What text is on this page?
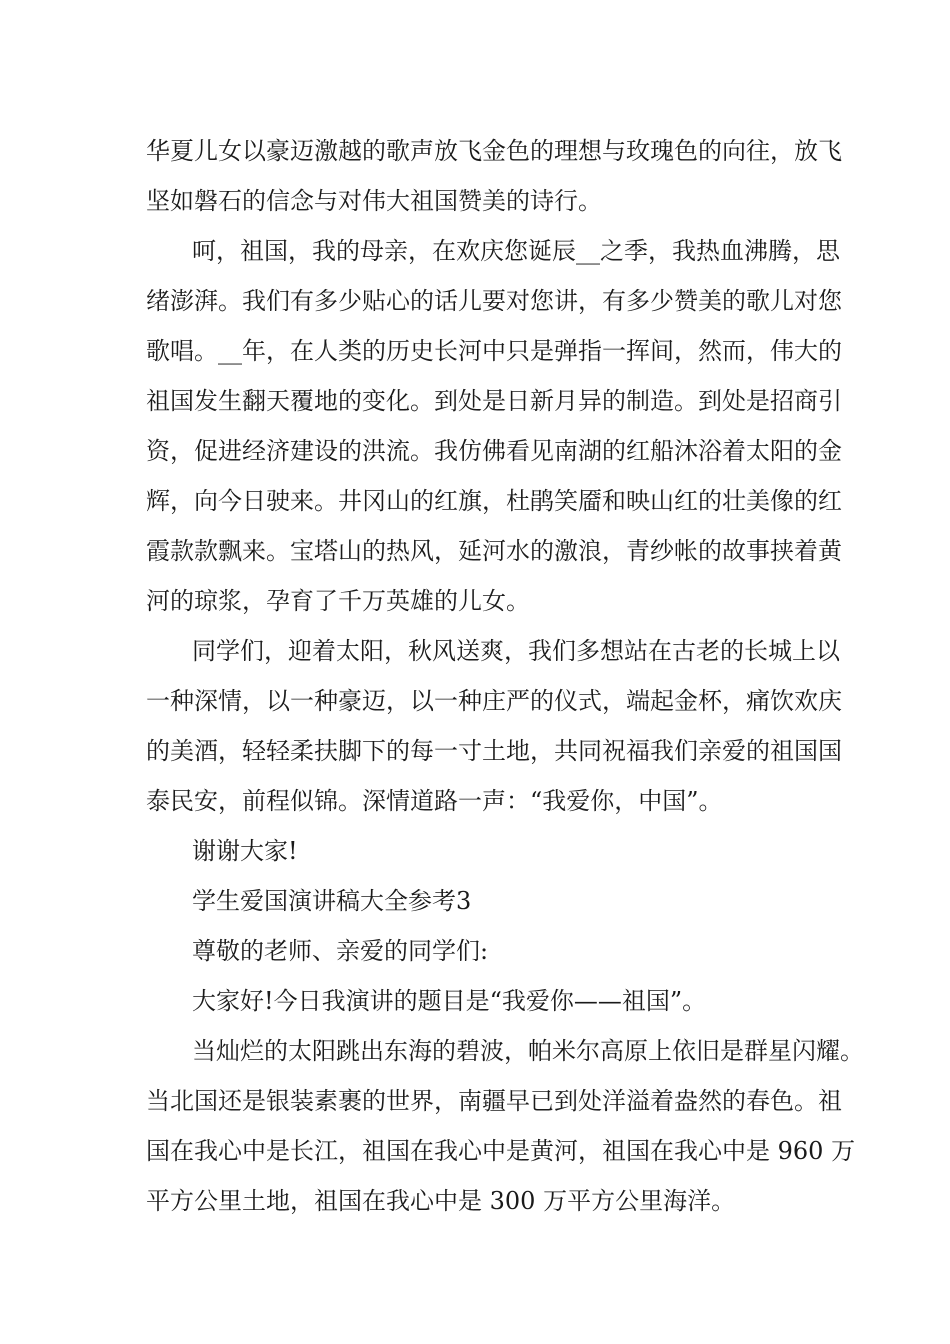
华夏儿女以豪迈激越的歌声放飞金色的理想与玫瑰色的向往，放飞
坚如磐石的信念与对伟大祖国赞美的诗行。
呵，祖国，我的母亲，在欢庆您诞辰__之季，我热血沸腾，思
绪澎湃。我们有多少贴心的话儿要对您讲，有多少赞美的歌儿对您
歌唱。__年，在人类的历史长河中只是弹指一挥间，然而，伟大的
祖国发生翻天覆地的变化。到处是日新月异的制造。到处是招商引
资，促进经济建设的洪流。我仿佛看见南湖的红船沐浴着太阳的金
辉，向今日驶来。井冈山的红旗，杜鹃笑靥和映山红的壮美像的红
霞款款飘来。宝塔山的热风，延河水的激浪，青纱帐的故事挟着黄
河的琼浆，孕育了千万英雄的儿女。
同学们，迎着太阳，秋风送爽，我们多想站在古老的长城上以
一种深情，以一种豪迈，以一种庄严的仪式，端起金杯，痛饮欢庆
的美酒，轻轻柔扶脚下的每一寸土地，共同祝福我们亲爱的祖国国
泰民安，前程似锦。深情道路一声：“我爱你，中国”。
谢谢大家!
学生爱国演讲稿大全参考3
尊敬的老师、亲爱的同学们:
大家好!今日我演讲的题目是“我爱你——祖国”。
当灿烂的太阳跳出东海的碧波，帕米尔高原上依旧是群星闪耀。
当北国还是银装素裹的世界，南疆早已到处洋溢着盎然的春色。祖
国在我心中是长江，祖国在我心中是黄河，祖国在我心中是 960 万
平方公里土地，祖国在我心中是 300 万平方公里海洋。
